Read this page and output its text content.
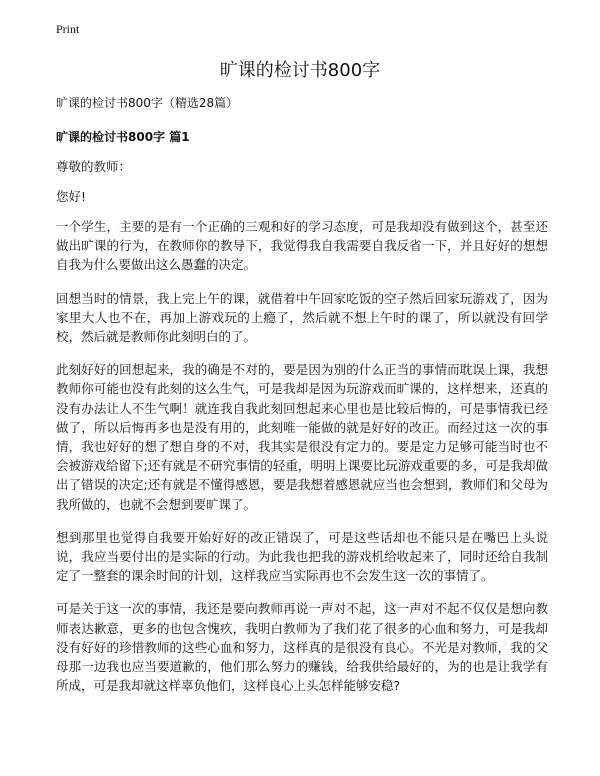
Print
旷课的检讨书800字
旷课的检讨书800字（精选28篇）
旷课的检讨书800字 篇1
尊敬的教师：
您好!

一个学生，主要的是有一个正确的三观和好的学习态度，可是我却没有做到这个，甚至还做出旷课的行为，在教师你的教导下，我觉得我自我需要自我反省一下，并且好好的想想自我为什么要做出这么愚蠢的决定。

回想当时的情景，我上完上午的课，就借着中午回家吃饭的空子然后回家玩游戏了，因为家里大人也不在，再加上游戏玩的上瘾了，然后就不想上午时的课了，所以就没有回学校，然后就是教师你此刻明白的了。

此刻好好的回想起来，我的确是不对的，要是因为别的什么正当的事情而耽误上课，我想教师你可能也没有此刻的这么生气，可是我却是因为玩游戏而旷课的，这样想来，还真的没有办法让人不生气啊！就连我自我此刻回想起来心里也是比较后悔的，可是事情我已经做了，所以后悔再多也是没有用的，此刻唯一能做的就是好好的改正。而经过这一次的事情，我也好好的想了想自身的不对，我其实是很没有定力的。要是定力足够可能当时也不会被游戏给留下;还有就是不研究事情的轻重，明明上课要比玩游戏重要的多，可是我却做出了错误的决定;还有就是不懂得感恩，要是我想着感恩就应当也会想到，教师们和父母为我所做的，也就不会想到要旷课了。

想到那里也觉得自我要开始好好的改正错误了，可是这些话却也不能只是在嘴巴上头说说，我应当要付出的是实际的行动。为此我也把我的游戏机给收起来了，同时还给自我制定了一整套的课余时间的计划，这样我应当实际再也不会发生这一次的事情了。

可是关于这一次的事情，我还是要向教师再说一声对不起，这一声对不起不仅仅是想向教师表达歉意，更多的也包含愧疚，我明白教师为了我们花了很多的心血和努力，可是我却没有好好的珍惜教师的这些心血和努力，这样真的是很没有良心。不光是对教师，我的父母那一边我也应当要道歉的，他们那么努力的赚钱，给我供给最好的，为的也是让我学有所成，可是我却就这样辜负他们，这样良心上头怎样能够安稳?
